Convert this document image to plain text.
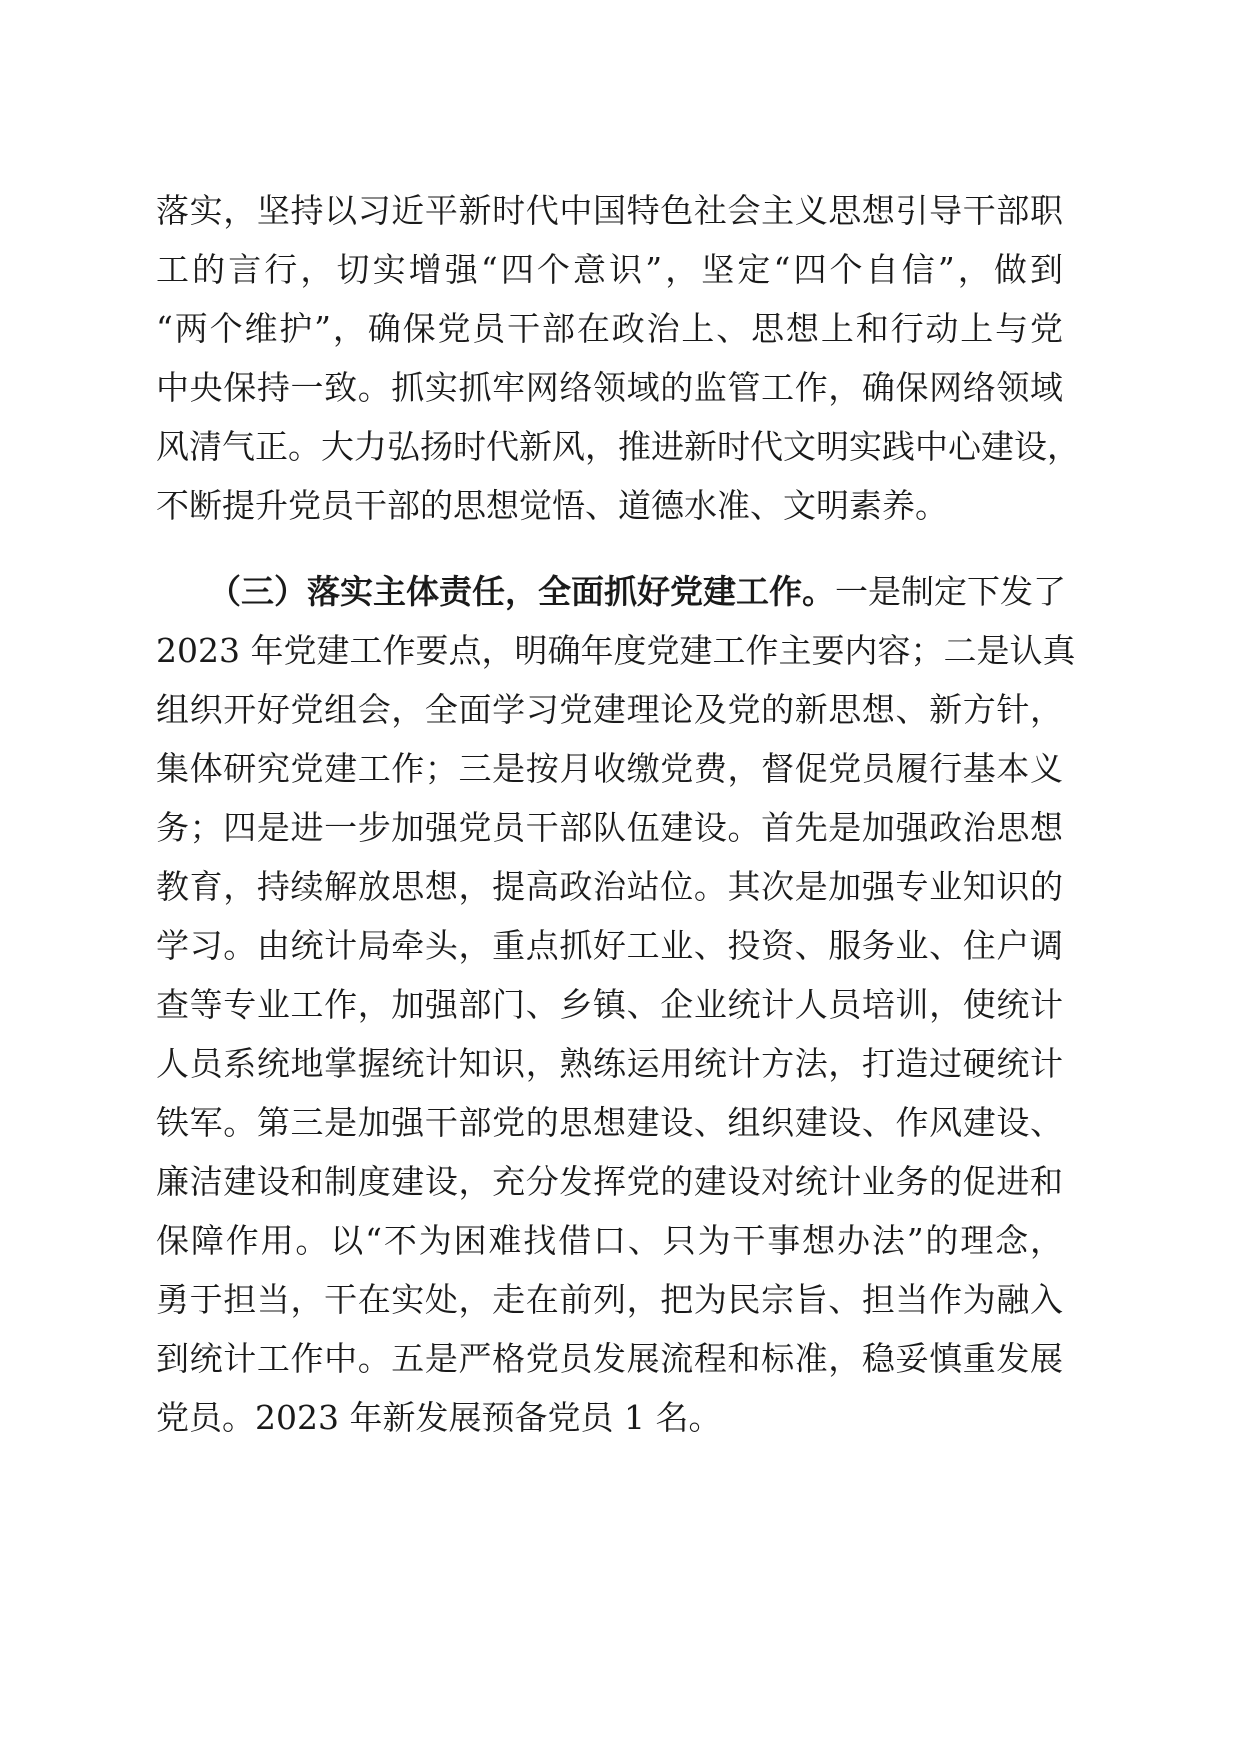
落实，坚持以习近平新时代中国特色社会主义思想引导干部职
工的言行，切实增强“四个意识”，坚定“四个自信”，做到
“两个维护”，确保党员干部在政治上、思想上和行动上与党
中央保持一致。抓实抓牢网络领域的监管工作，确保网络领域
风清气正。大力弘扬时代新风，推进新时代文明实践中心建设，
不断提升党员干部的思想觉悟、道德水准、文明素养。
（三）落实主体责任，全面抓好党建工作。一是制定下发了
2023 年党建工作要点，明确年度党建工作主要内容；二是认真
组织开好党组会，全面学习党建理论及党的新思想、新方针，
集体研究党建工作；三是按月收缴党费，督促党员履行基本义
务；四是进一步加强党员干部队伍建设。首先是加强政治思想
教育，持续解放思想，提高政治站位。其次是加强专业知识的
学习。由统计局牵头，重点抓好工业、投资、服务业、住户调
查等专业工作，加强部门、乡镇、企业统计人员培训，使统计
人员系统地掌握统计知识，熟练运用统计方法，打造过硬统计
铁军。第三是加强干部党的思想建设、组织建设、作风建设、
廉洁建设和制度建设，充分发挥党的建设对统计业务的促进和
保障作用。以“不为困难找借口、只为干事想办法”的理念，
勇于担当，干在实处，走在前列，把为民宗旨、担当作为融入
到统计工作中。五是严格党员发展流程和标准，稳妥慎重发展
党员。2023 年新发展预备党员 1 名。
